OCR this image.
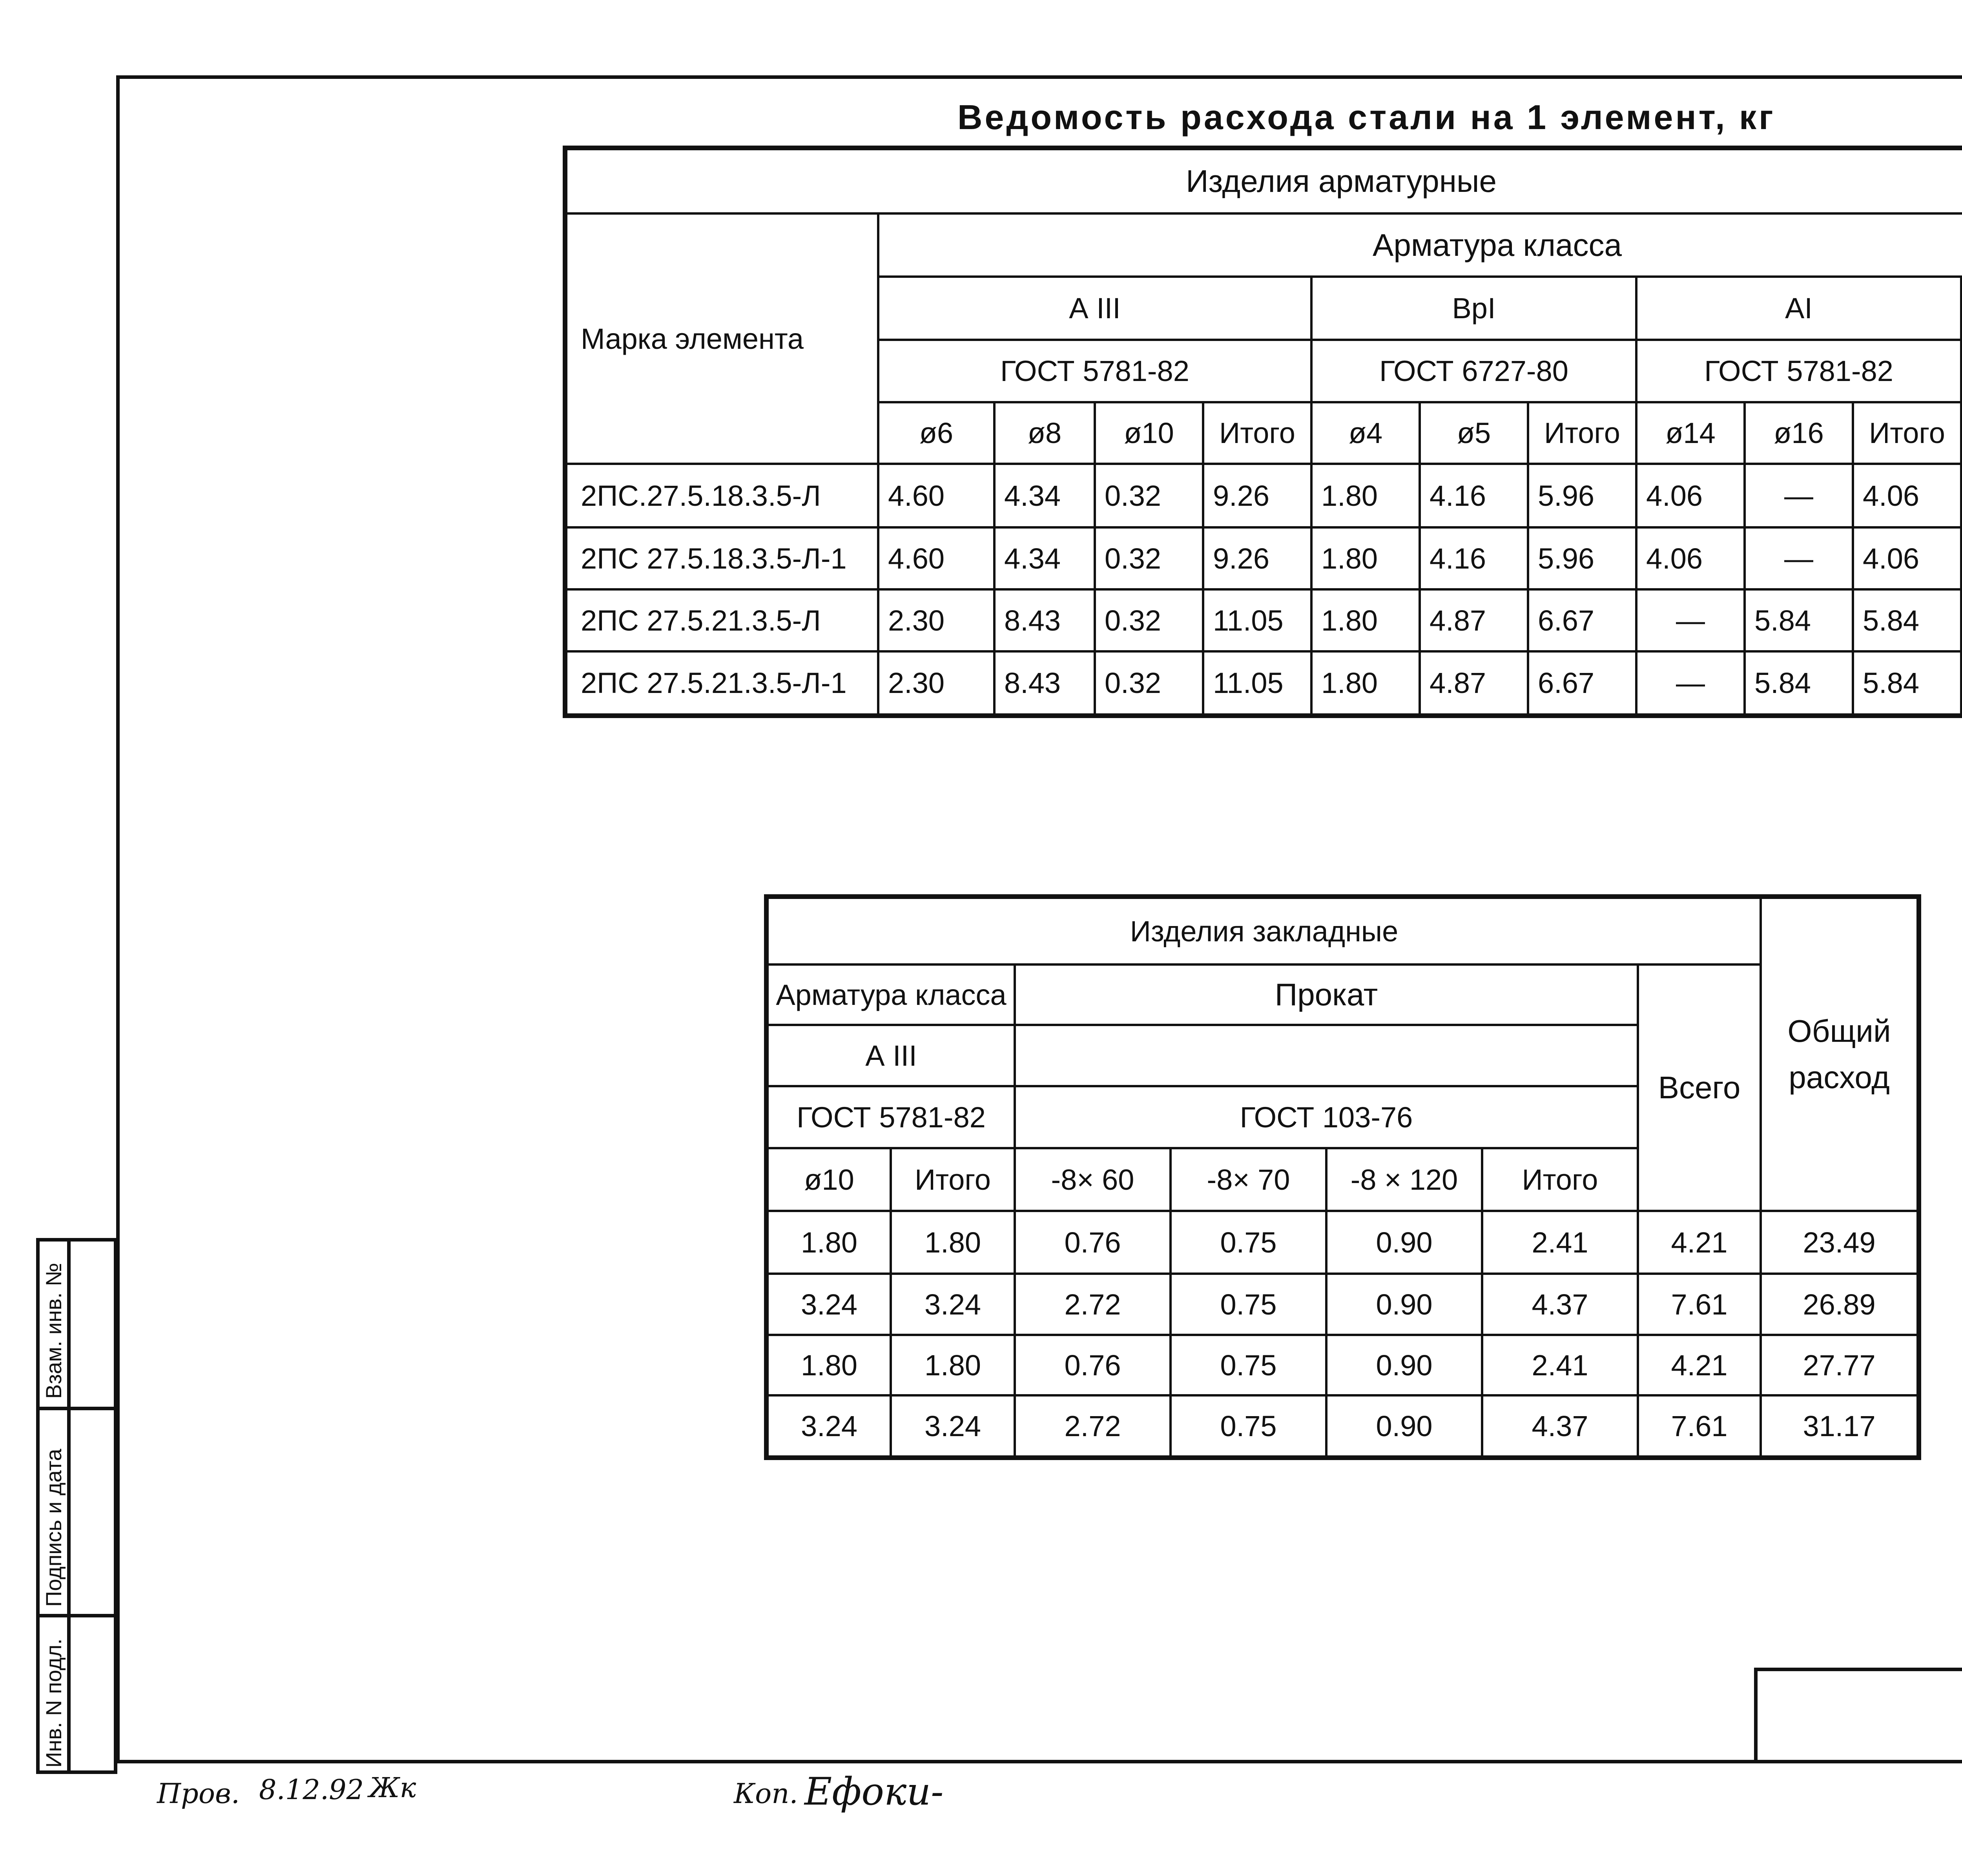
Взам. инв. №
Подпись и дата
Инв. N подл.
Ведомость расхода стали на 1 элемент, кг
Изделия арматурные											
Марка элемента	Арматура класса										
	А III				ВрI			АI	
	ГОСТ 5781-82				ГОСТ 6727-80			ГОСТ 5781-82			
	ø6	ø8	ø10	Итого	ø4	ø5	Итого	ø14	ø16	Итого	
2ПС.27.5.18.3.5-Л	4.60	4.34	0.32	9.26	1.80	4.16	5.96	4.06	—	4.06	
2ПС 27.5.18.3.5-Л-1	4.60	4.34	0.32	9.26	1.80	4.16	5.96	4.06	—	4.06	
2ПС 27.5.21.3.5-Л	2.30	8.43	0.32	11.05	1.80	4.87	6.67	—	5.84	5.84	
2ПС 27.5.21.3.5-Л-1	2.30	8.43	0.32	11.05	1.80	4.87	6.67	—	5.84	5.84	
Изделия закладные							Общий расход
Арматура класса		Прокат				Всего	
А III							
ГОСТ 5781-82		ГОСТ 103-76					
ø10	Итого	-8× 60	-8× 70	-8 × 120	Итого		
1.80	1.80	0.76	0.75	0.90	2.41	4.21	23.49
3.24	3.24	2.72	0.75	0.90	4.37	7.61	26.89
1.80	1.80	0.76	0.75	0.90	2.41	4.21	27.77
3.24	3.24	2.72	0.75	0.90	4.37	7.61	31.17
Пров. 8.12.92 Жк	Коп. Ефоки-
